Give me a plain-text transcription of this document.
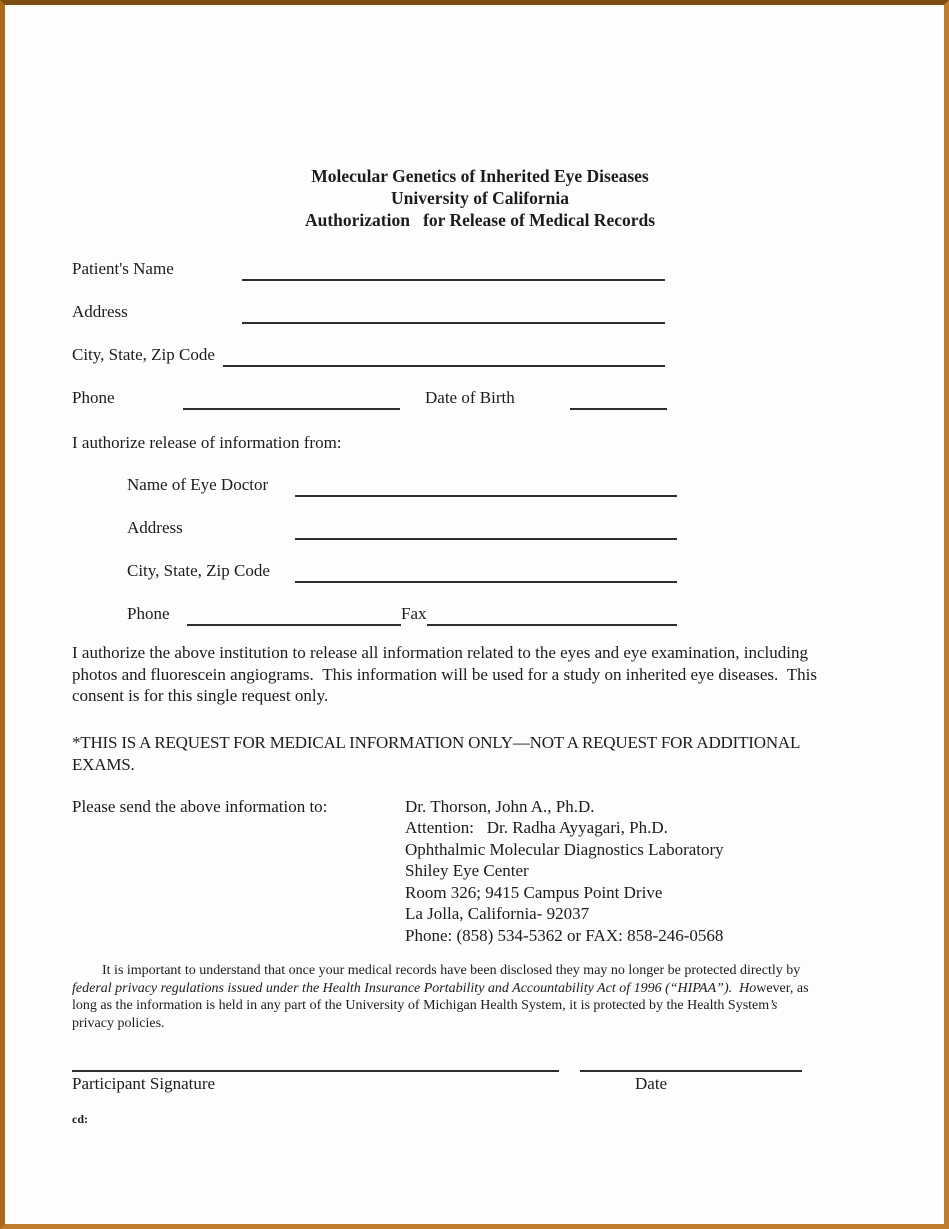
Molecular Genetics of Inherited Eye Diseases
University of California
Authorization   for Release of Medical Records
Patient's Name
Address
City, State, Zip Code
Phone	Date of Birth
I authorize release of information from:
Name of Eye Doctor
Address
City, State, Zip Code
Phone	Fax
I authorize the above institution to release all information related to the eyes and eye examination, including
photos and fluorescein angiograms.  This information will be used for a study on inherited eye diseases.  This
consent is for this single request only.
*THIS IS A REQUEST FOR MEDICAL INFORMATION ONLY—NOT A REQUEST FOR ADDITIONAL
EXAMS.
Please send the above information to:	Dr. Thorson, John A., Ph.D.
Attention:   Dr. Radha Ayyagari, Ph.D.
Ophthalmic Molecular Diagnostics Laboratory
Shiley Eye Center
Room 326; 9415 Campus Point Drive
La Jolla, California- 92037
Phone: (858) 534-5362 or FAX: 858-246-0568
It is important to understand that once your medical records have been disclosed they may no longer be protected directly by
federal privacy regulations issued under the Health Insurance Portability and Accountability Act of 1996 (“HIPAA”).  However, as
long as the information is held in any part of the University of Michigan Health System, it is protected by the Health System’s
privacy policies.
Participant Signature	Date
cd:
